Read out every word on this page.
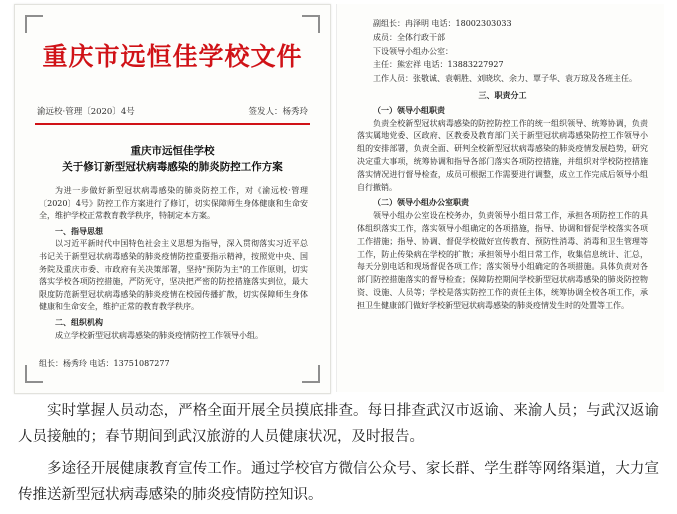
重庆市远恒佳学校文件
渝远校·管理〔2020〕4号	签发人：杨秀玲
重庆市远恒佳学校
关于修订新型冠状病毒感染的肺炎防控工作方案

为进一步做好新型冠状病毒感染的肺炎防控工作，对《渝远校·管理〔2020〕4号》防控工作方案进行了修订，切实保障师生身体健康和生命安全，维护学校正常教育教学秩序，特制定本方案。

一、指导思想

以习近平新时代中国特色社会主义思想为指导，深入贯彻落实习近平总书记关于新型冠状病毒感染的肺炎疫情防控重要指示精神，按照党中央、国务院及重庆市委、市政府有关决策部署，坚持"预防为主"的工作原则，切实落实学校各项防控措施，严防死守，坚决把严密的防控措施落实到位，最大限度防范新型冠状病毒感染的肺炎疫情在校园传播扩散，切实保障师生身体健康和生命安全，维护正常的教育教学秩序。

二、组织机构

成立学校新型冠状病毒感染的肺炎疫情防控工作领导小组。

组长：杨秀玲 电话：13751087277

副组长：冉泽明 电话：18002303033

成员：全体行政干部

下设领导小组办公室：

主任：熊宏祥 电话：13883227927

工作人员：张敬诚、袁朝胜、刘晓坎、余力、覃子华、袁万琼及各班主任。

三、职责分工

（一）领导小组职责

负责全校新型冠状病毒感染的防控防控工作的统一组织领导、统筹协调，负责落实属地党委、区政府、区教委及教育部门关于新型冠状病毒感染防控工作领导小组的安排部署，负责全面、研判全校新型冠状病毒感染的肺炎疫情发展趋势，研究决定重大事项，统筹协调和指导各部门落实各项防控措施，并组织对学校防控措施落实情况进行督导检查，成员可根据工作需要进行调整，成立工作完成后领导小组自行撤销。

（二）领导小组办公室职责

领导小组办公室设在校务办，负责领导小组日常工作，承担各项防控工作的具体组织落实工作，落实领导小组确定的各项措施，指导、协调和督促学校落实各项工作措施；指导、协调、督促学校做好宣传教育、预防性消毒、消毒和卫生管理等工作，防止传染病在学校的扩散；承担领导小组日常工作，收集信息统计、汇总，每天分别电话和现场督促各项工作；落实领导小组确定的各项措施。具体负责对各部门防控措施落实的督导检查；保障防控期间学校新型冠状病毒感染的肺炎防控物资、设施、人员等；学校是落实防控工作的责任主体，统筹协调全校各项工作，承担卫生健康部门做好学校新型冠状病毒感染的肺炎疫情发生时的处置等工作。

实时掌握人员动态，严格全面开展全员摸底排查。每日排查武汉市返谕、来渝人员；与武汉返谕人员接触的；春节期间到武汉旅游的人员健康状况，及时报告。

多途径开展健康教育宣传工作。通过学校官方微信公众号、家长群、学生群等网络渠道，大力宣传推送新型冠状病毒感染的肺炎疫情防控知识。
